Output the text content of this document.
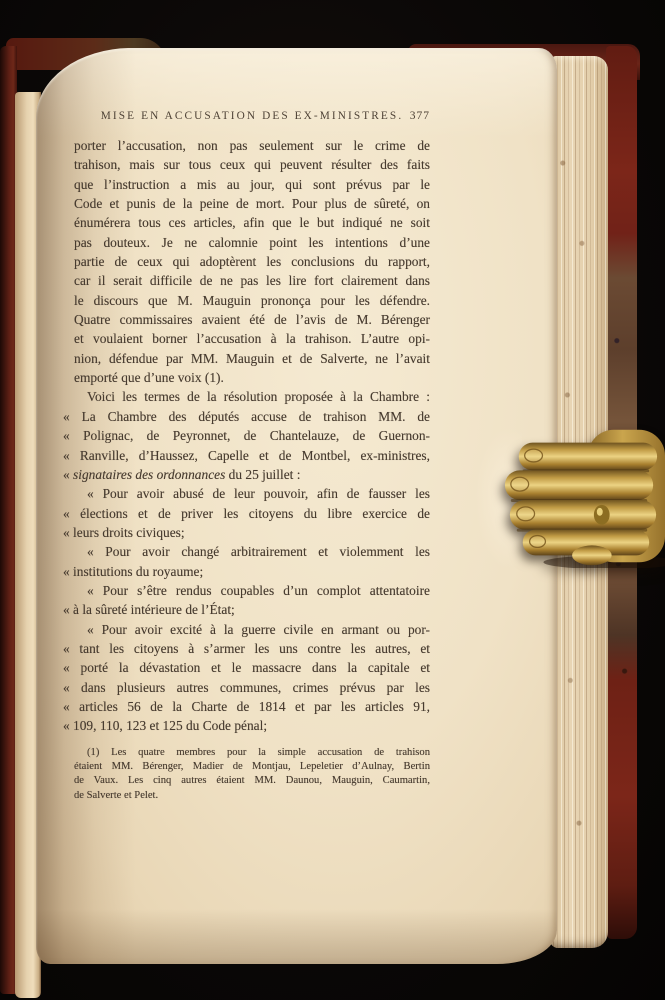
MISE EN ACCUSATION DES EX-MINISTRES. 377
porter l’accusation, non pas seulement sur le crime de
trahison, mais sur tous ceux qui peuvent résulter des faits
que l’instruction a mis au jour, qui sont prévus par le
Code et punis de la peine de mort. Pour plus de sûreté, on
énumérera tous ces articles, afin que le but indiqué ne soit
pas douteux. Je ne calomnie point les intentions d’une
partie de ceux qui adoptèrent les conclusions du rapport,
car il serait difficile de ne pas les lire fort clairement dans
le discours que M. Mauguin prononça pour les défendre.
Quatre commissaires avaient été de l’avis de M. Bérenger
et voulaient borner l’accusation à la trahison. L’autre opi-
nion, défendue par MM. Mauguin et de Salverte, ne l’avait
emporté que d’une voix (1).
Voici les termes de la résolution proposée à la Chambre :
« La Chambre des députés accuse de trahison MM. de
« Polignac, de Peyronnet, de Chantelauze, de Guernon-
« Ranville, d’Haussez, Capelle et de Montbel, ex-ministres,
« signataires des ordonnances du 25 juillet :
« Pour avoir abusé de leur pouvoir, afin de fausser les
« élections et de priver les citoyens du libre exercice de
« leurs droits civiques;
« Pour avoir changé arbitrairement et violemment les
« institutions du royaume;
« Pour s’être rendus coupables d’un complot attentatoire
« à la sûreté intérieure de l’État;
« Pour avoir excité à la guerre civile en armant ou por-
« tant les citoyens à s’armer les uns contre les autres, et
« porté la dévastation et le massacre dans la capitale et
« dans plusieurs autres communes, crimes prévus par les
« articles 56 de la Charte de 1814 et par les articles 91,
« 109, 110, 123 et 125 du Code pénal;
(1) Les quatre membres pour la simple accusation de trahison
étaient MM. Bérenger, Madier de Montjau, Lepeletier d’Aulnay, Bertin
de Vaux. Les cinq autres étaient MM. Daunou, Mauguin, Caumartin,
de Salverte et Pelet.
